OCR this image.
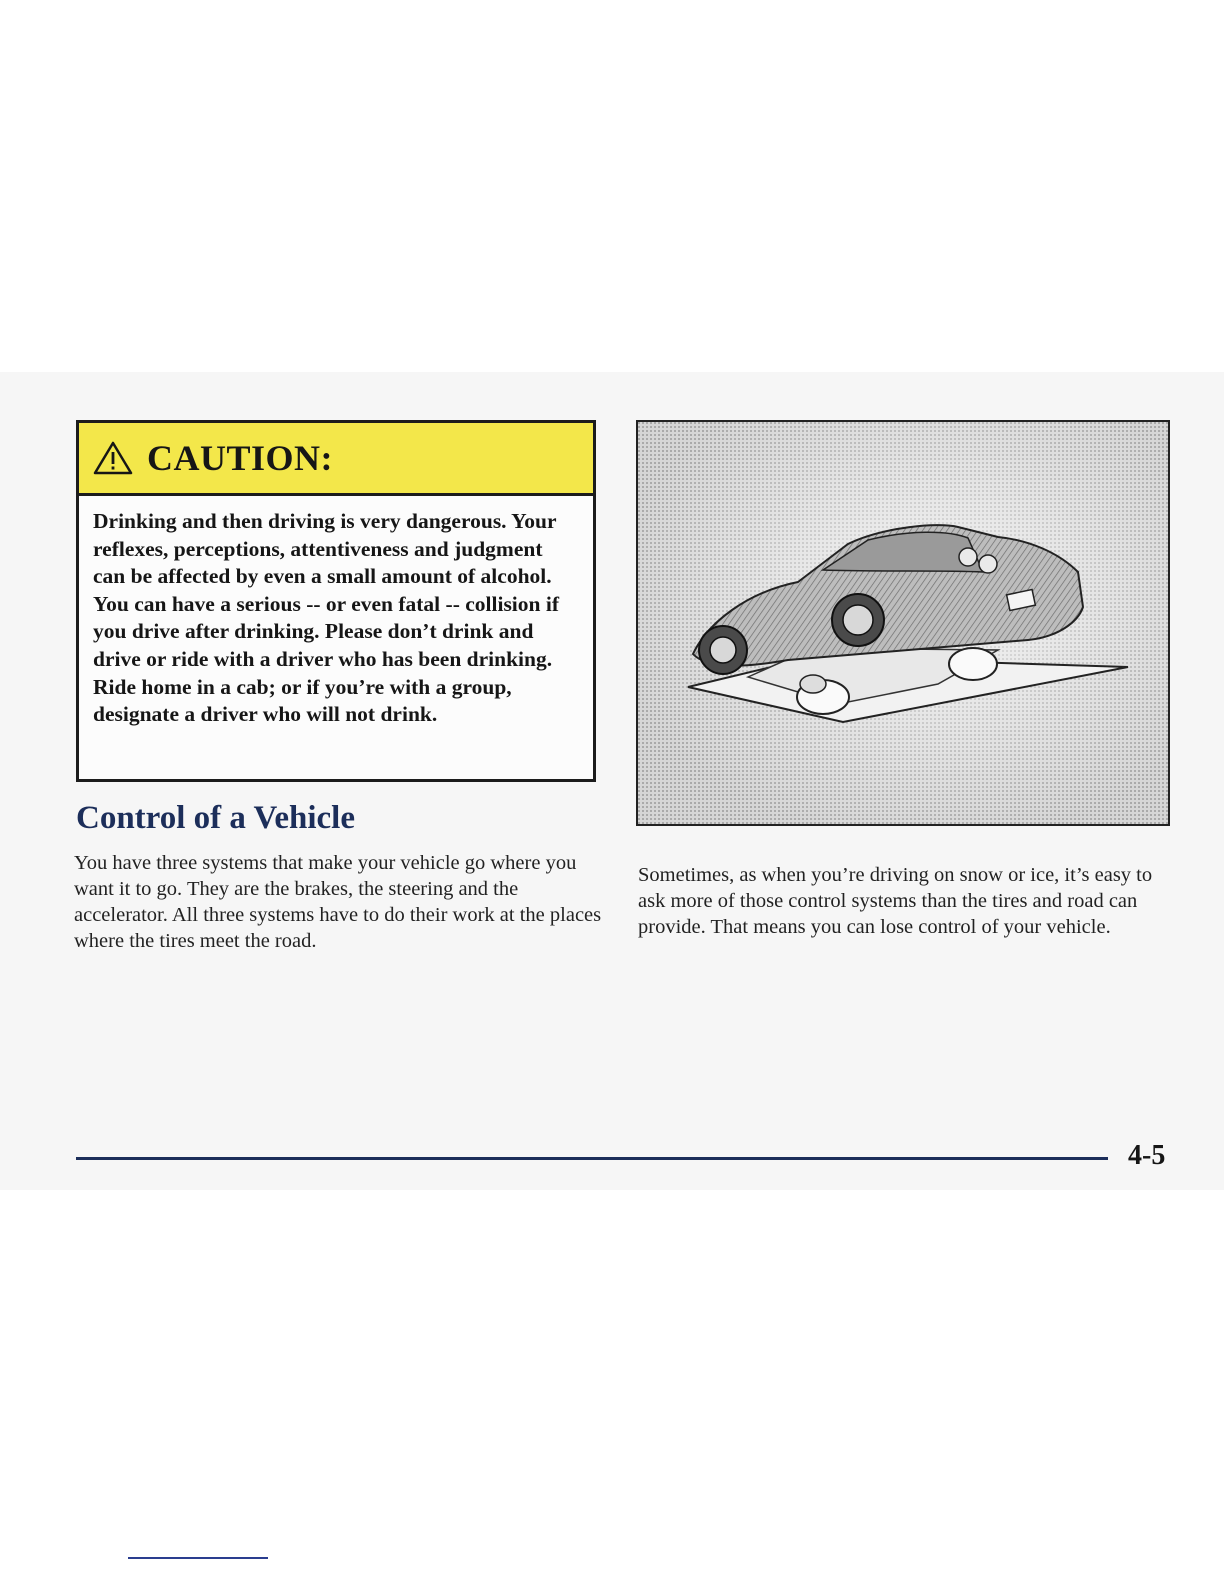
CAUTION:
Drinking and then driving is very dangerous. Your reflexes, perceptions, attentiveness and judgment can be affected by even a small amount of alcohol. You can have a serious -- or even fatal -- collision if you drive after drinking. Please don’t drink and drive or ride with a driver who has been drinking. Ride home in a cab; or if you’re with a group, designate a driver who will not drink.
Control of a Vehicle

You have three systems that make your vehicle go where you want it to go. They are the brakes, the steering and the accelerator. All three systems have to do their work at the places where the tires meet the road.

Sometimes, as when you’re driving on snow or ice, it’s easy to ask more of those control systems than the tires and road can provide. That means you can lose control of your vehicle.

4-5
